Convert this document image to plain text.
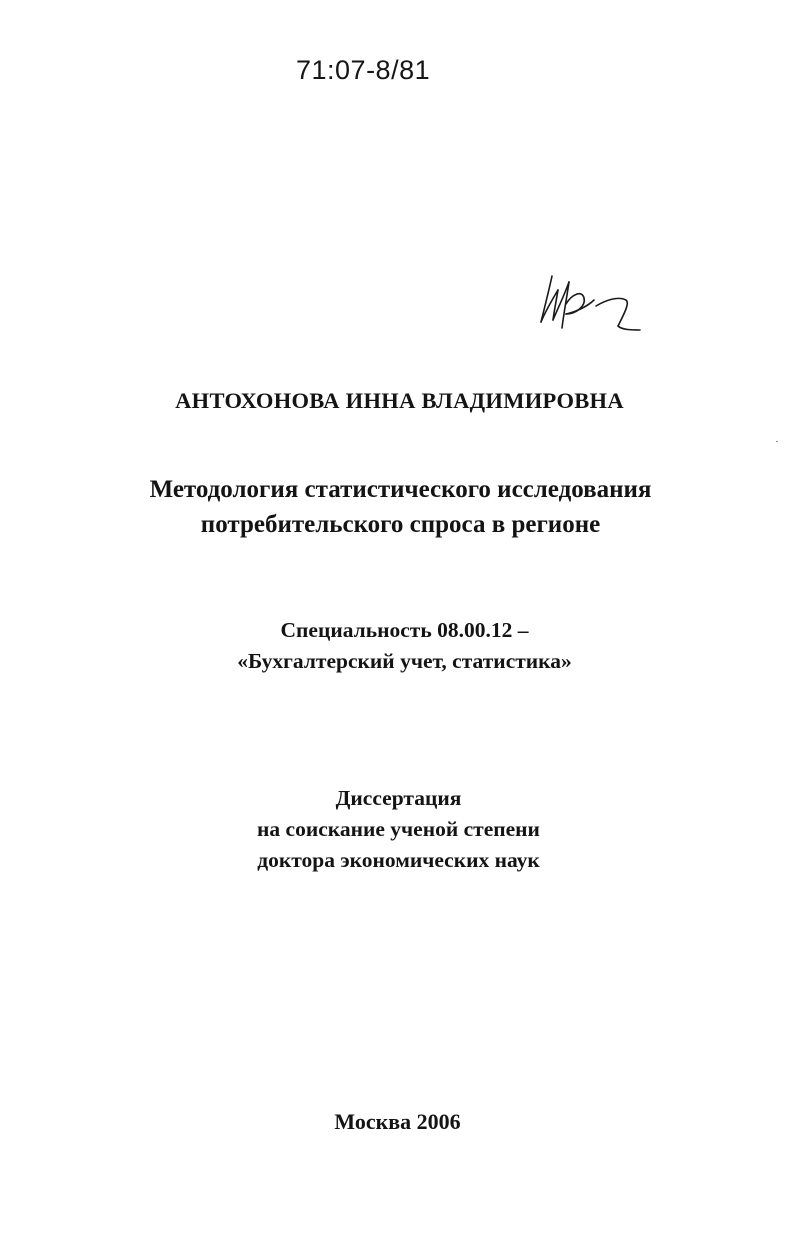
71:07-8/81
АНТОХОНОВА ИННА ВЛАДИМИРОВНА
Методология статистического исследования
потребительского спроса в регионе
Специальность 08.00.12 –
«Бухгалтерский учет, статистика»
Диссертация
на соискание ученой степени
доктора экономических наук
Москва 2006
